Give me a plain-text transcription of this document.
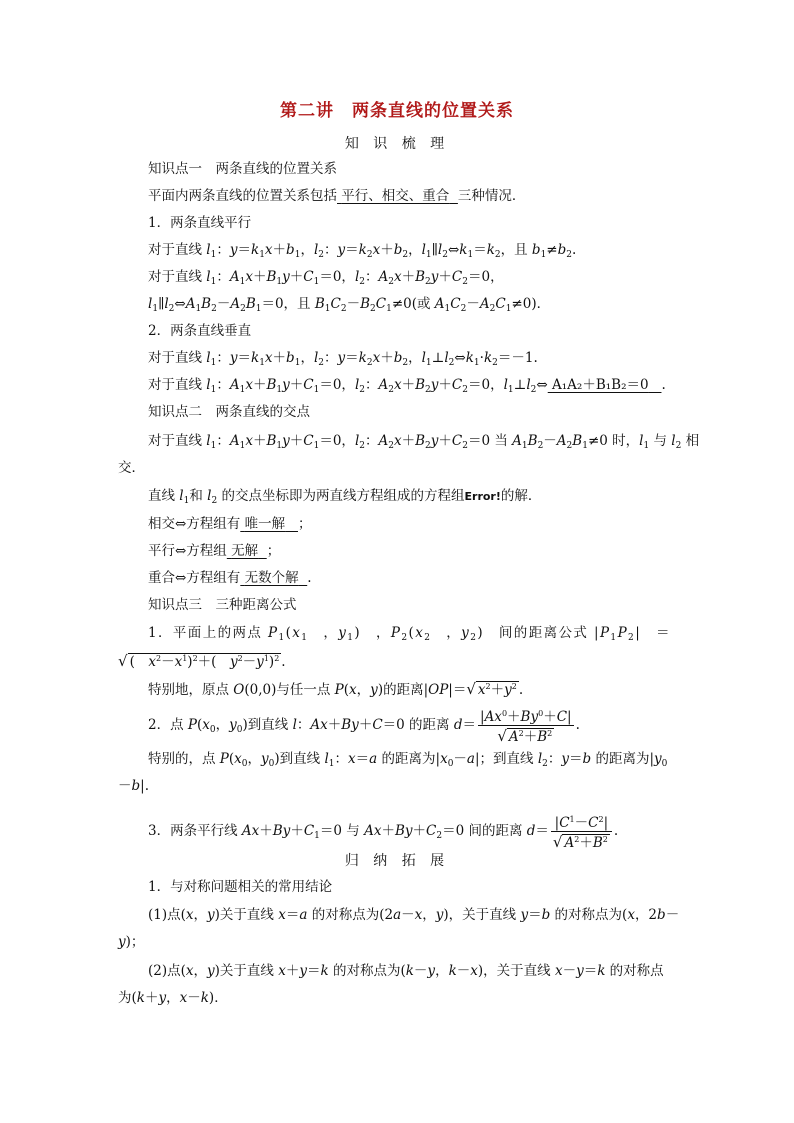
第二讲　两条直线的位置关系
知 识 梳 理
知识点一　两条直线的位置关系
平面内两条直线的位置关系包括 平行、相交、重合 三种情况．
1．两条直线平行
对于直线 $l_1$：$y=k_1x+b_1$，$l_2$：$y=k_2x+b_2$，$l_1\parallel l_2\Leftrightarrow k_1=k_2$，且 $b_1\ne b_2$.
对于直线 $l_1$：$A_1x+B_1y+C_1=0$，$l_2$：$A_2x+B_2y+C_2=0$，
$l_1\parallel l_2\Leftrightarrow A_1B_2-A_2B_1=0$，且 $B_1C_2-B_2C_1\ne 0$(或 $A_1C_2-A_2C_1\ne 0$)．
2．两条直线垂直
对于直线 $l_1$：$y=k_1x+b_1$，$l_2$：$y=k_2x+b_2$，$l_1\perp l_2\Leftrightarrow k_1\cdot k_2=-1$.
对于直线 $l_1$：$A_1x+B_1y+C_1=0$，$l_2$：$A_2x+B_2y+C_2=0$，$l_1\perp l_2\Leftrightarrow$ A₁A₂＋B₁B₂＝0 .
知识点二　两条直线的交点
对于直线 $l_1$：$A_1x+B_1y+C_1=0$，$l_2$：$A_2x+B_2y+C_2=0$ 当 $A_1B_2-A_2B_1\ne 0$ 时，$l_1$ 与 $l_2$ 相
交．
直线 $l_1$和 $l_2$ 的交点坐标即为两直线方程组成的方程组Error!的解．
相交⇔方程组有 唯一解 ；
平行⇔方程组 无解 ；
重合⇔方程组有 无数个解 .
知识点三　三种距离公式
1．平面上的两点 $P_1(x_1$　，$y_1$)　，$P_2(x_2$　，$y_2$)　间的距离公式 $|P_1P_2|$　＝
√ (　$x^2-x^1)^2+$(　$y^2-y^1)^2$ .
特别地，原点 O(0,0)与任一点 P(x，y)的距离|OP|＝√ $x^2+y^2$ .
2．点 $P(x_0$，$y_0$)到直线 l：Ax＋By＋C＝0 的距离 $d= \frac{|Ax^0+By^0+C|}{√ A^2+B^2}$ .
特别的，点 $P(x_0$，$y_0$)到直线 $l_1$：x＝a 的距离为$|x_0-a|$；到直线 $l_2$：y＝b 的距离为$|y_0$
－b|.
3．两条平行线 $Ax+By+C_1=0$ 与 $Ax+By+C_2=0$ 间的距离 $d= \frac{|C^1-C^2|}{√ A^2+B^2}$ .
归 纳 拓 展
1．与对称问题相关的常用结论
(1)点(x，y)关于直线 x＝a 的对称点为(2a－x，y)，关于直线 y＝b 的对称点为(x，2b－
y)；
(2)点(x，y)关于直线 x＋y＝k 的对称点为(k－y，k－x)，关于直线 x－y＝k 的对称点
为(k＋y，x－k)．
